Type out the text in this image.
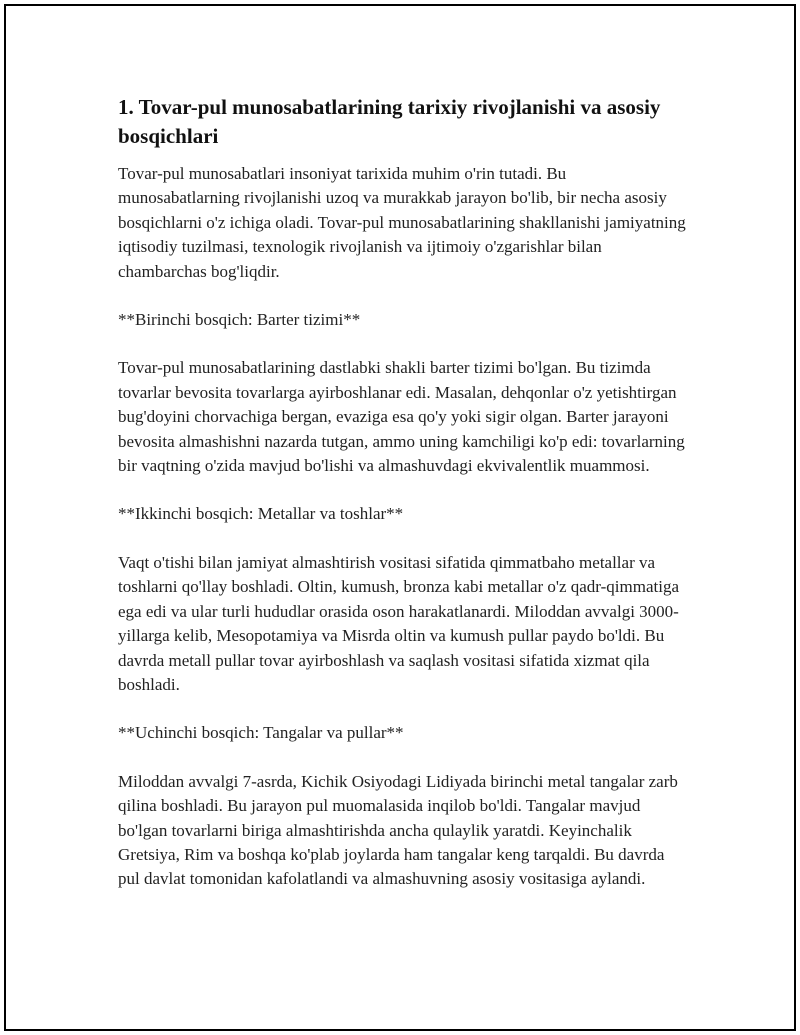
1. Tovar-pul munosabatlarining tarixiy rivojlanishi va asosiy bosqichlari

Tovar-pul munosabatlari insoniyat tarixida muhim o'rin tutadi. Bu munosabatlarning rivojlanishi uzoq va murakkab jarayon bo'lib, bir necha asosiy bosqichlarni o'z ichiga oladi. Tovar-pul munosabatlarining shakllanishi jamiyatning iqtisodiy tuzilmasi, texnologik rivojlanish va ijtimoiy o'zgarishlar bilan chambarchas bog'liqdir.

**Birinchi bosqich: Barter tizimi**

Tovar-pul munosabatlarining dastlabki shakli barter tizimi bo'lgan. Bu tizimda tovarlar bevosita tovarlarga ayirboshlanar edi. Masalan, dehqonlar o'z yetishtirgan bug'doyini chorvachiga bergan, evaziga esa qo'y yoki sigir olgan. Barter jarayoni bevosita almashishni nazarda tutgan, ammo uning kamchiligi ko'p edi: tovarlarning bir vaqtning o'zida mavjud bo'lishi va almashuvdagi ekvivalentlik muammosi.

**Ikkinchi bosqich: Metallar va toshlar**

Vaqt o'tishi bilan jamiyat almashtirish vositasi sifatida qimmatbaho metallar va toshlarni qo'llay boshladi. Oltin, kumush, bronza kabi metallar o'z qadr-qimmatiga ega edi va ular turli hududlar orasida oson harakatlanardi. Miloddan avvalgi 3000-yillarga kelib, Mesopotamiya va Misrda oltin va kumush pullar paydo bo'ldi. Bu davrda metall pullar tovar ayirboshlash va saqlash vositasi sifatida xizmat qila boshladi.

**Uchinchi bosqich: Tangalar va pullar**

Miloddan avvalgi 7-asrda, Kichik Osiyodagi Lidiyada birinchi metal tangalar zarb qilina boshladi. Bu jarayon pul muomalasida inqilob bo'ldi. Tangalar mavjud bo'lgan tovarlarni biriga almashtirishda ancha qulaylik yaratdi. Keyinchalik Gretsiya, Rim va boshqa ko'plab joylarda ham tangalar keng tarqaldi. Bu davrda pul davlat tomonidan kafolatlandi va almashuvning asosiy vositasiga aylandi.
